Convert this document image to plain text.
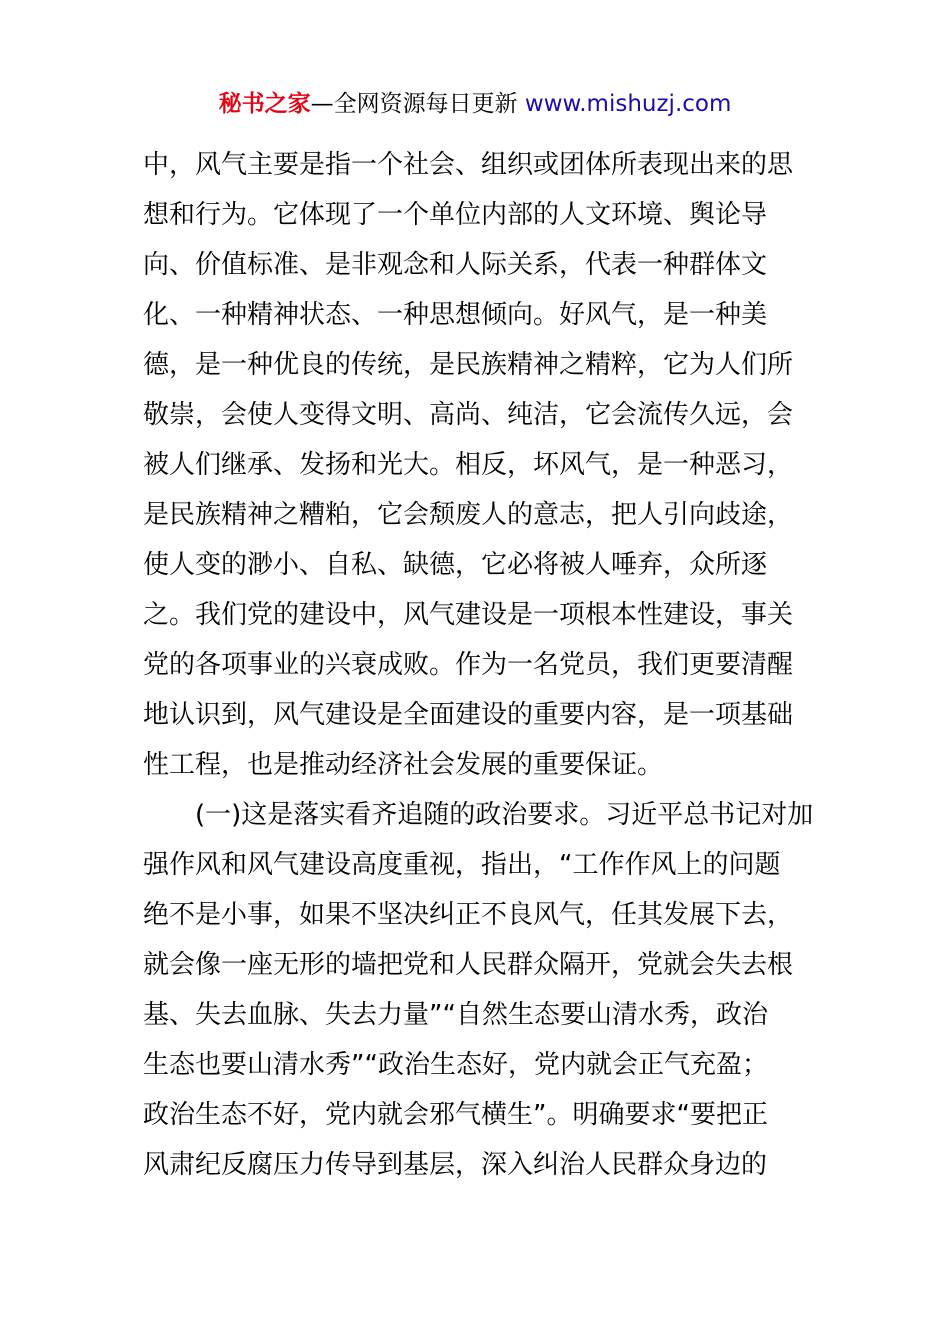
秘书之家—全网资源每日更新 www.mishuzj.com
中，风气主要是指一个社会、组织或团体所表现出来的思
想和行为。它体现了一个单位内部的人文环境、舆论导
向、价值标准、是非观念和人际关系，代表一种群体文
化、一种精神状态、一种思想倾向。好风气，是一种美
德，是一种优良的传统，是民族精神之精粹，它为人们所
敬崇，会使人变得文明、高尚、纯洁，它会流传久远，会
被人们继承、发扬和光大。相反，坏风气，是一种恶习，
是民族精神之糟粕，它会颓废人的意志，把人引向歧途，
使人变的渺小、自私、缺德，它必将被人唾弃，众所逐
之。我们党的建设中，风气建设是一项根本性建设，事关
党的各项事业的兴衰成败。作为一名党员，我们更要清醒
地认识到，风气建设是全面建设的重要内容，是一项基础
性工程，也是推动经济社会发展的重要保证。
(一)这是落实看齐追随的政治要求。习近平总书记对加
强作风和风气建设高度重视，指出，“工作作风上的问题
绝不是小事，如果不坚决纠正不良风气，任其发展下去，
就会像一座无形的墙把党和人民群众隔开，党就会失去根
基、失去血脉、失去力量”“自然生态要山清水秀，政治
生态也要山清水秀”“政治生态好，党内就会正气充盈；
政治生态不好，党内就会邪气横生”。明确要求“要把正
风肃纪反腐压力传导到基层，深入纠治人民群众身边的
